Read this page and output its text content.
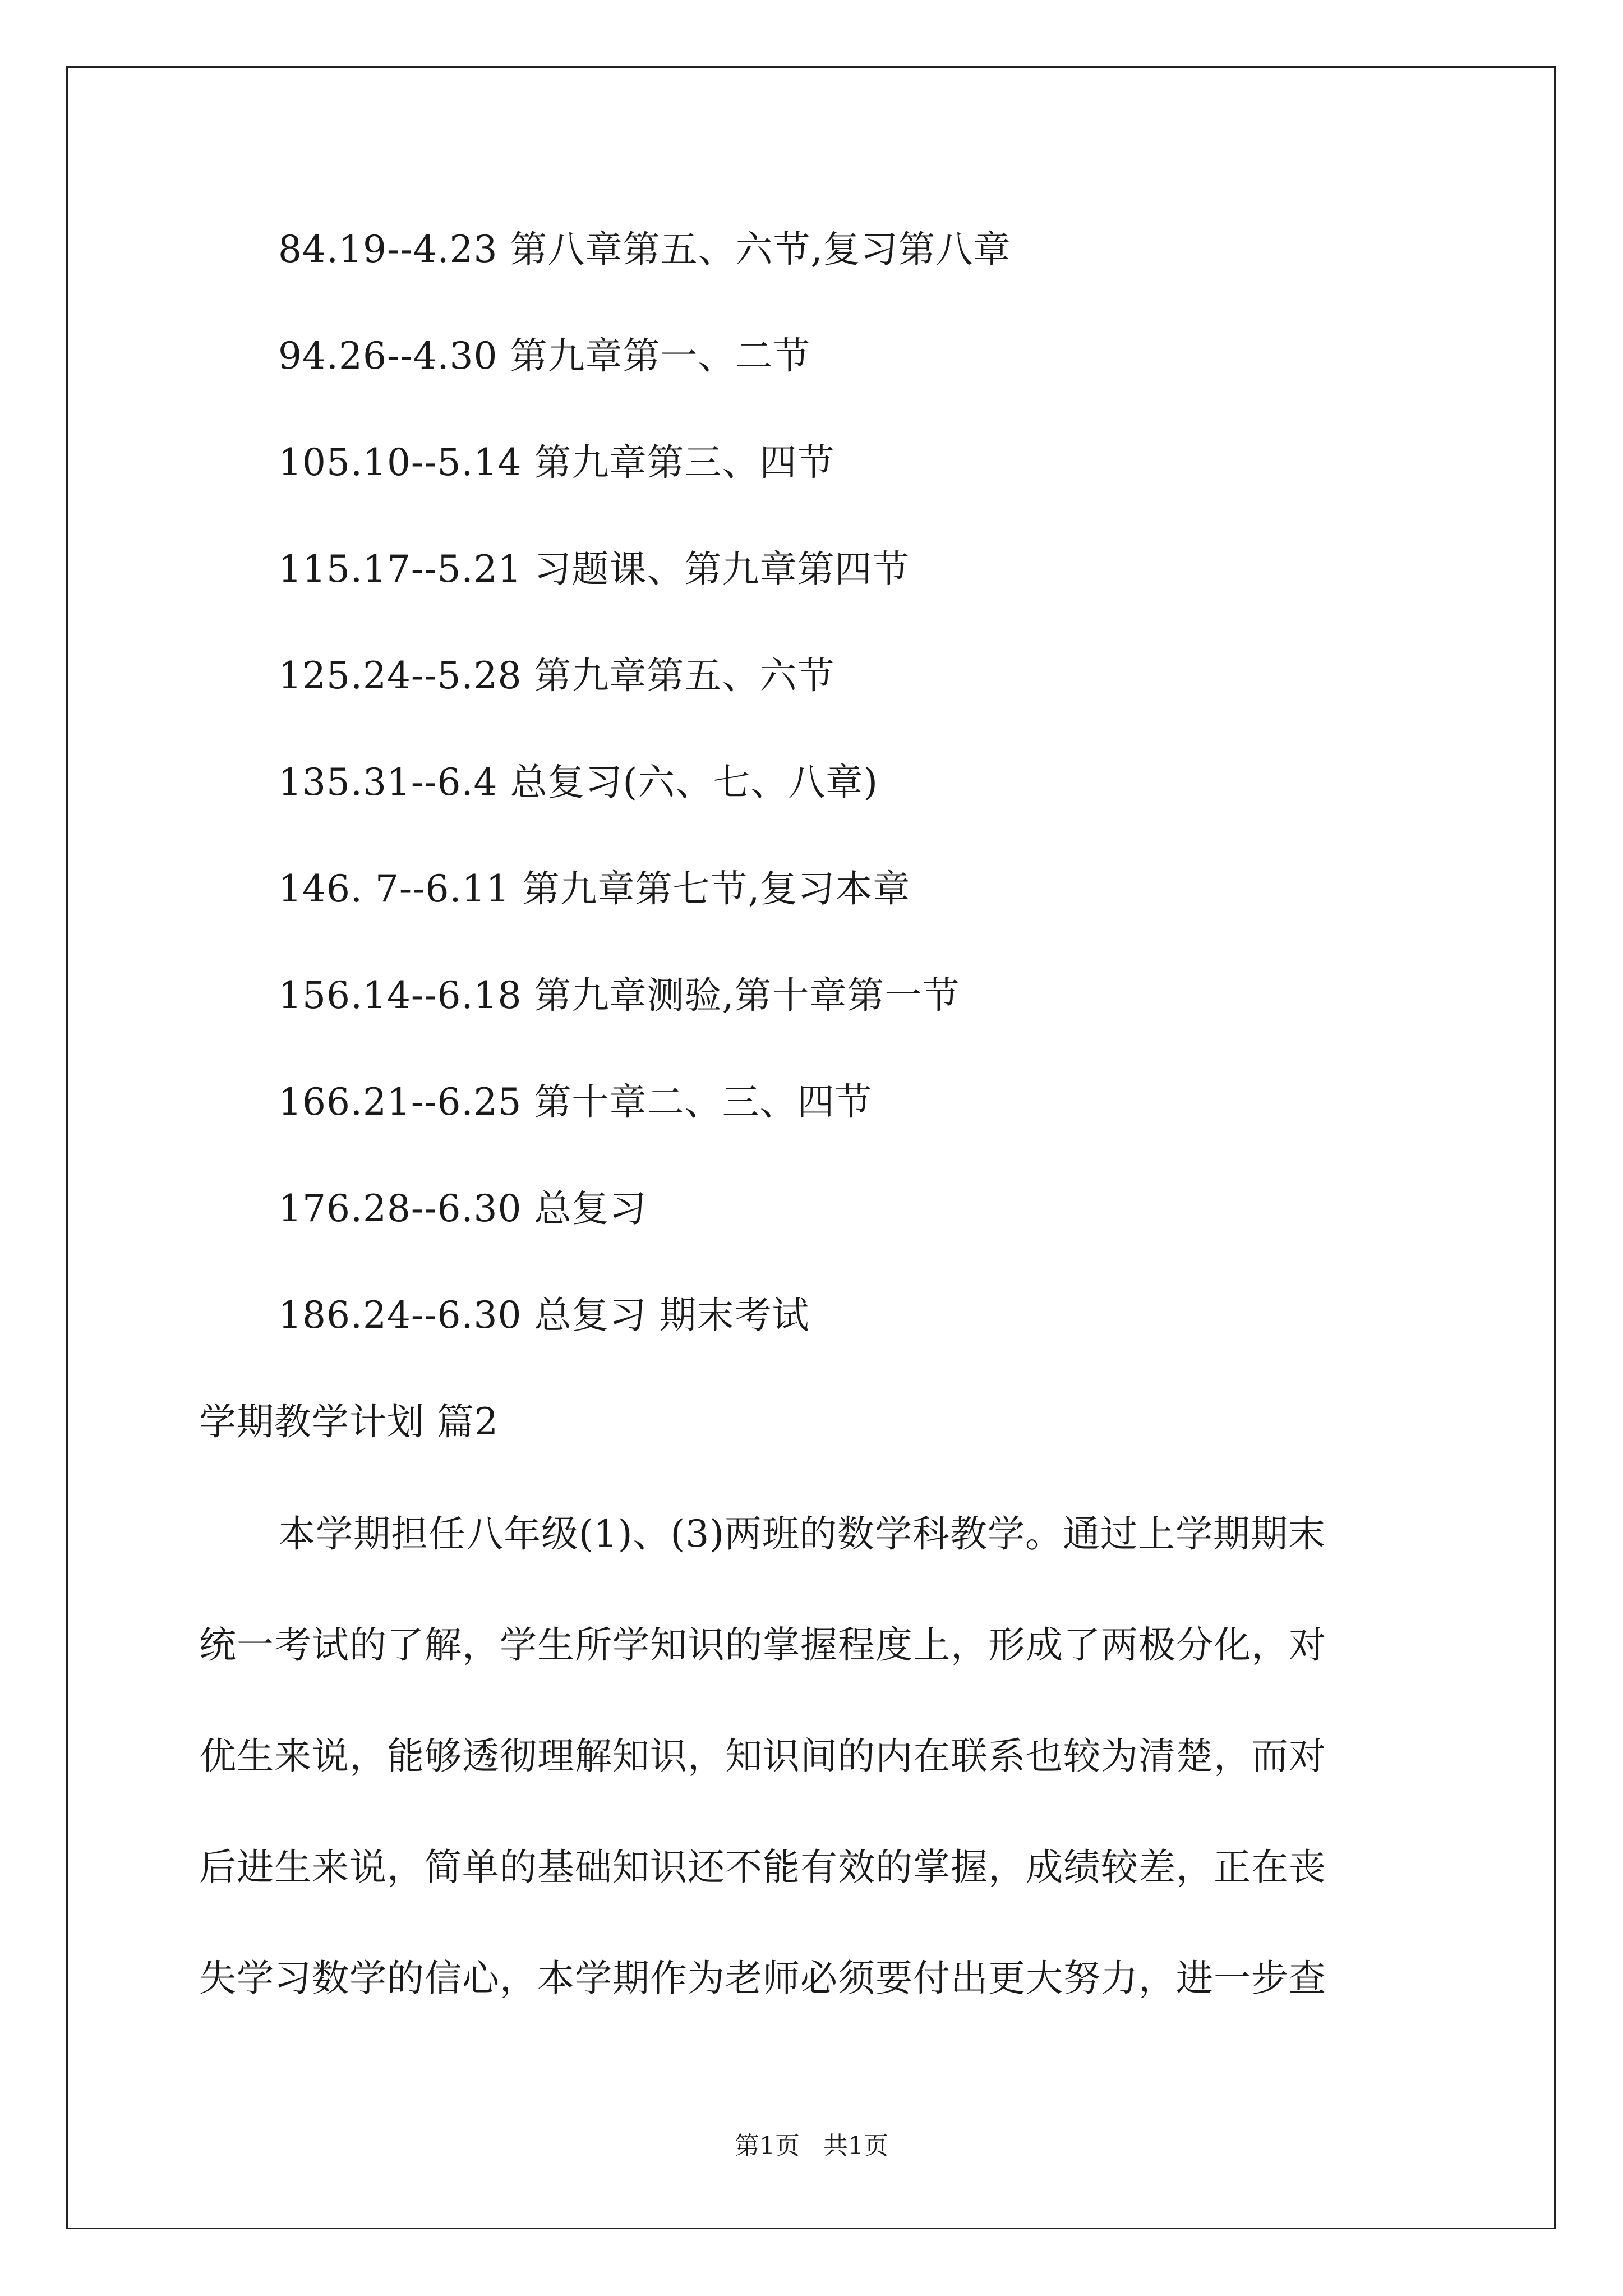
84.19--4.23 第八章第五、六节,复习第八章
94.26--4.30 第九章第一、二节
105.10--5.14 第九章第三、四节
115.17--5.21 习题课、第九章第四节
125.24--5.28 第九章第五、六节
135.31--6.4 总复习(六、七、八章)
146. 7--6.11 第九章第七节,复习本章
156.14--6.18 第九章测验,第十章第一节
166.21--6.25 第十章二、三、四节
176.28--6.30 总复习
186.24--6.30 总复习 期末考试
学期教学计划 篇2
本学期担任八年级(1)、(3)两班的数学科教学。通过上学期期末
统一考试的了解，学生所学知识的掌握程度上，形成了两极分化，对
优生来说，能够透彻理解知识，知识间的内在联系也较为清楚，而对
后进生来说，简单的基础知识还不能有效的掌握，成绩较差，正在丧
失学习数学的信心，本学期作为老师必须要付出更大努力，进一步查
第1页   共1页
